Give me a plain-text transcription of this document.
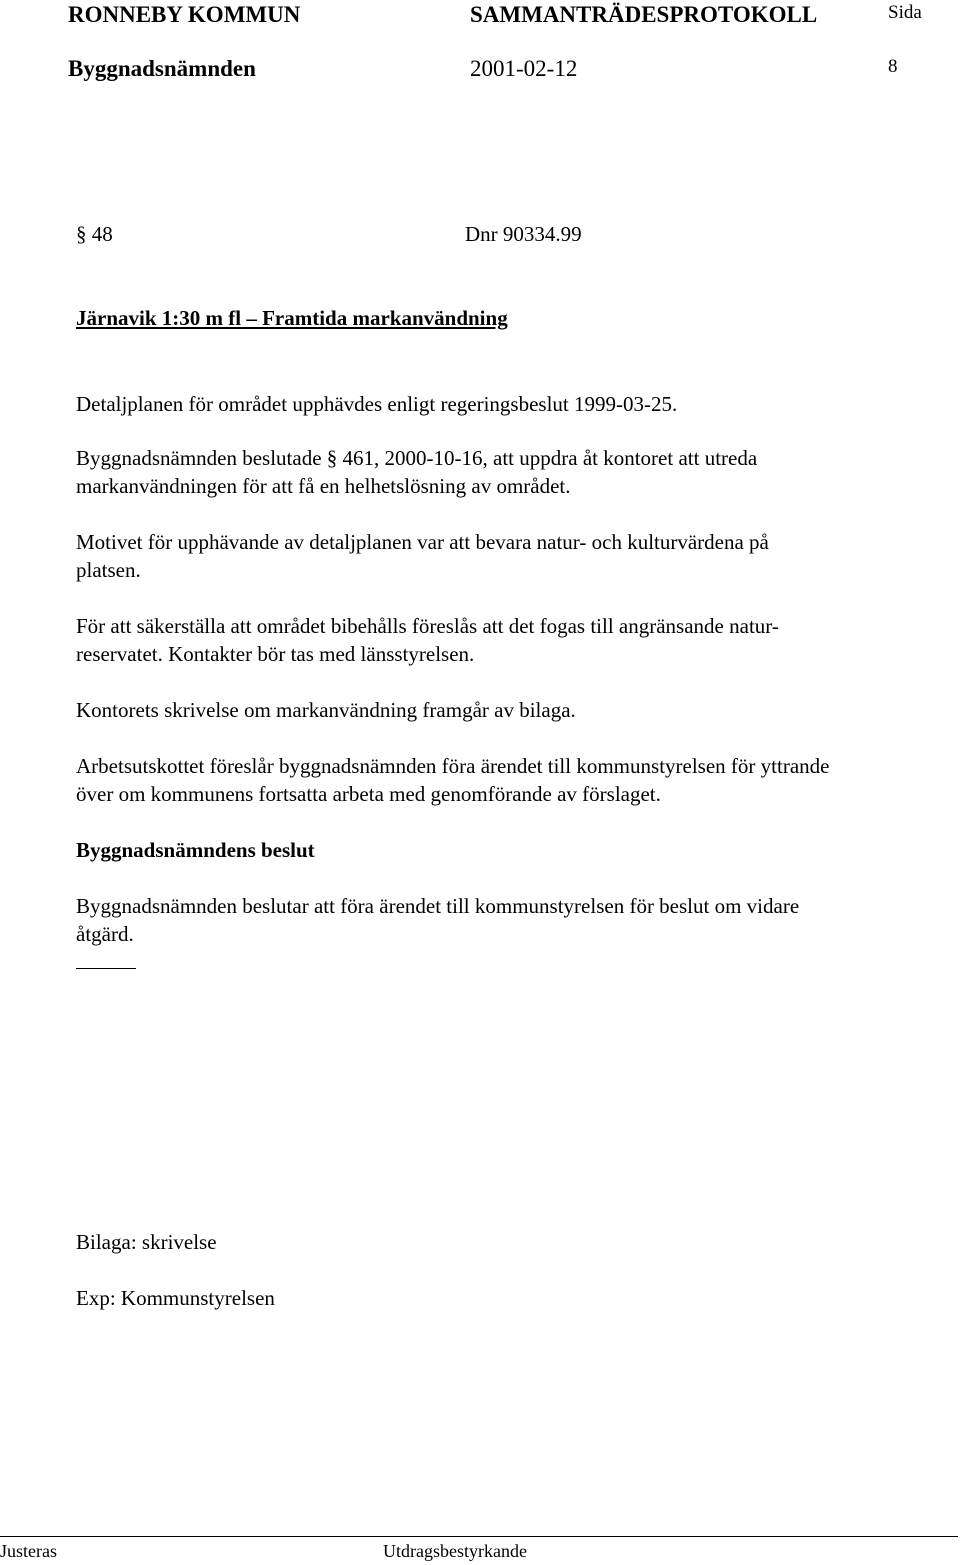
RONNEBY KOMMUN	SAMMANTRÄDESPROTOKOLL	Sida
Byggnadsnämnden	2001-02-12	8
§ 48	Dnr 90334.99
Järnavik 1:30 m fl – Framtida markanvändning
Detaljplanen för området upphävdes enligt regeringsbeslut 1999-03-25.
Byggnadsnämnden beslutade § 461, 2000-10-16, att uppdra åt kontoret att utreda
markanvändningen för att få en helhetslösning av området.
Motivet för upphävande av detaljplanen var att bevara natur- och kulturvärdena på
platsen.
För att säkerställa att området bibehålls föreslås att det fogas till angränsande natur-
reservatet. Kontakter bör tas med länsstyrelsen.
Kontorets skrivelse om markanvändning framgår av bilaga.
Arbetsutskottet föreslår byggnadsnämnden föra ärendet till kommunstyrelsen för yttrande
över om kommunens fortsatta arbeta med genomförande av förslaget.
Byggnadsnämndens beslut
Byggnadsnämnden beslutar att föra ärendet till kommunstyrelsen för beslut om vidare
åtgärd.
Bilaga: skrivelse
Exp: Kommunstyrelsen
Justeras	Utdragsbestyrkande
